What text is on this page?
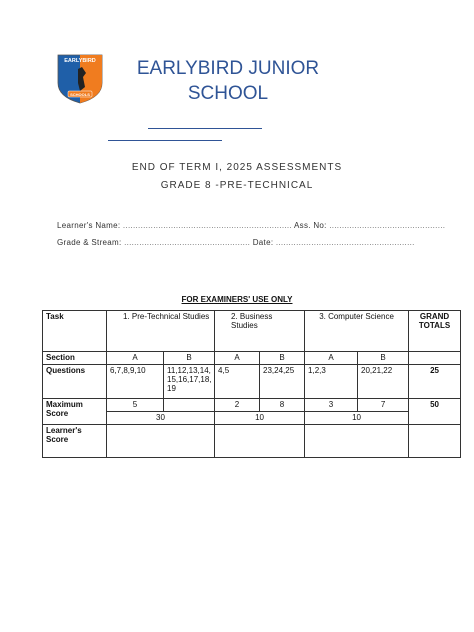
EARLYBIRD
SCHOOLS
EARLYBIRD JUNIOR
SCHOOL
END OF TERM I, 2025 ASSESSMENTS
GRADE 8 -PRE-TECHNICAL
Learner's Name: ................................................................... Ass. No: ..............................................
Grade & Stream: .................................................. Date: .......................................................
FOR EXAMINERS' USE ONLY
Task	1. Pre-Technical Studies		2. Business Studies		3. Computer Science		GRAND TOTALS
Section	A	B	A	B	A	B	
Questions	6,7,8,9,10	11,12,13,14, 15,16,17,18, 19	4,5	23,24,25	1,2,3	20,21,22	25
Maximum Score	5		2	8	3	7	50
	30		10		10		
Learner's Score							
